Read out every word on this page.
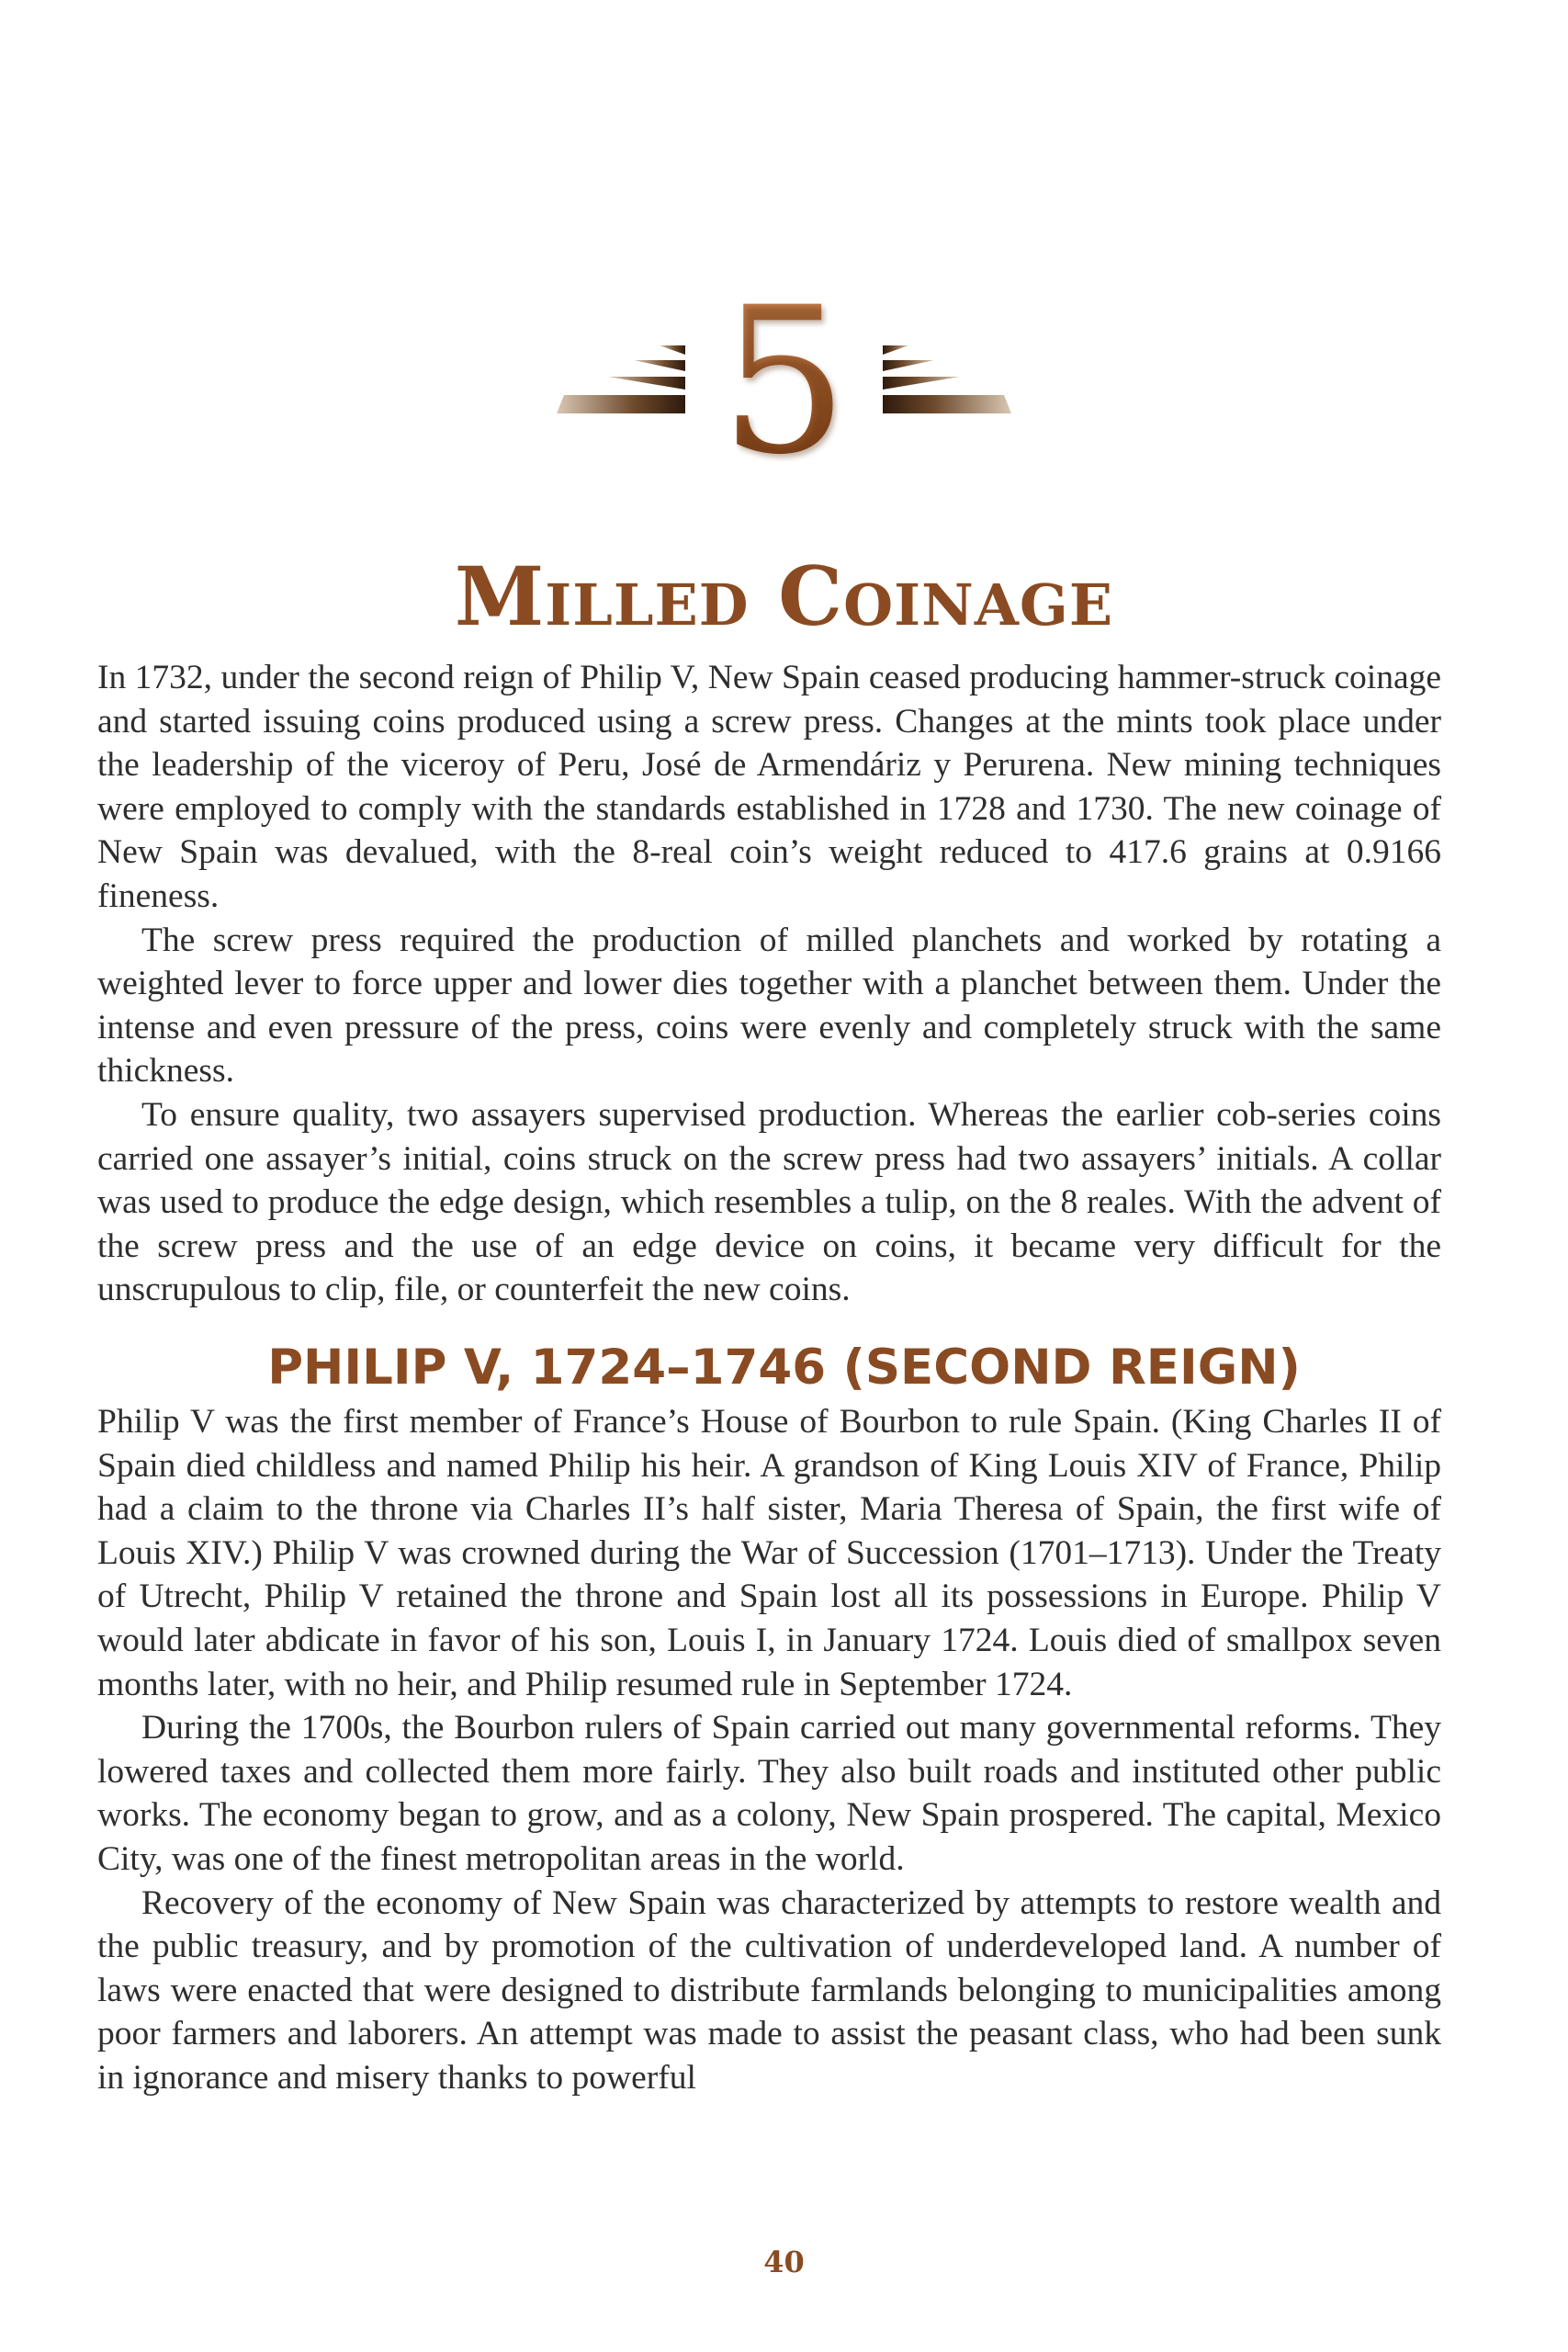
5
Milled Coinage

In 1732, under the second reign of Philip V, New Spain ceased producing hammer-struck coinage and started issuing coins produced using a screw press. Changes at the mints took place under the leadership of the viceroy of Peru, José de Armendáriz y Perurena. New mining techniques were employed to comply with the standards established in 1728 and 1730. The new coinage of New Spain was devalued, with the 8-real coin’s weight reduced to 417.6 grains at 0.9166 fineness.

The screw press required the production of milled planchets and worked by rotating a weighted lever to force upper and lower dies together with a planchet between them. Under the intense and even pressure of the press, coins were evenly and completely struck with the same thickness.

To ensure quality, two assayers supervised production. Whereas the earlier cob-series coins carried one assayer’s initial, coins struck on the screw press had two assayers’ initials. A collar was used to produce the edge design, which resembles a tulip, on the 8 reales. With the advent of the screw press and the use of an edge device on coins, it became very difficult for the unscrupulous to clip, file, or counterfeit the new coins.

PHILIP V, 1724–1746 (SECOND REIGN)

Philip V was the first member of France’s House of Bourbon to rule Spain. (King Charles II of Spain died childless and named Philip his heir. A grandson of King Louis XIV of France, Philip had a claim to the throne via Charles II’s half sister, Maria Theresa of Spain, the first wife of Louis XIV.) Philip V was crowned during the War of Succession (1701–1713). Under the Treaty of Utrecht, Philip V retained the throne and Spain lost all its possessions in Europe. Philip V would later abdicate in favor of his son, Louis I, in January 1724. Louis died of smallpox seven months later, with no heir, and Philip resumed rule in September 1724.

During the 1700s, the Bourbon rulers of Spain carried out many governmental reforms. They lowered taxes and collected them more fairly. They also built roads and instituted other public works. The economy began to grow, and as a colony, New Spain prospered. The capital, Mexico City, was one of the finest metropolitan areas in the world.

Recovery of the economy of New Spain was characterized by attempts to restore wealth and the public treasury, and by promotion of the cultivation of underdeveloped land. A number of laws were enacted that were designed to distribute farmlands belonging to municipalities among poor farmers and laborers. An attempt was made to assist the peasant class, who had been sunk in ignorance and misery thanks to powerful

40
